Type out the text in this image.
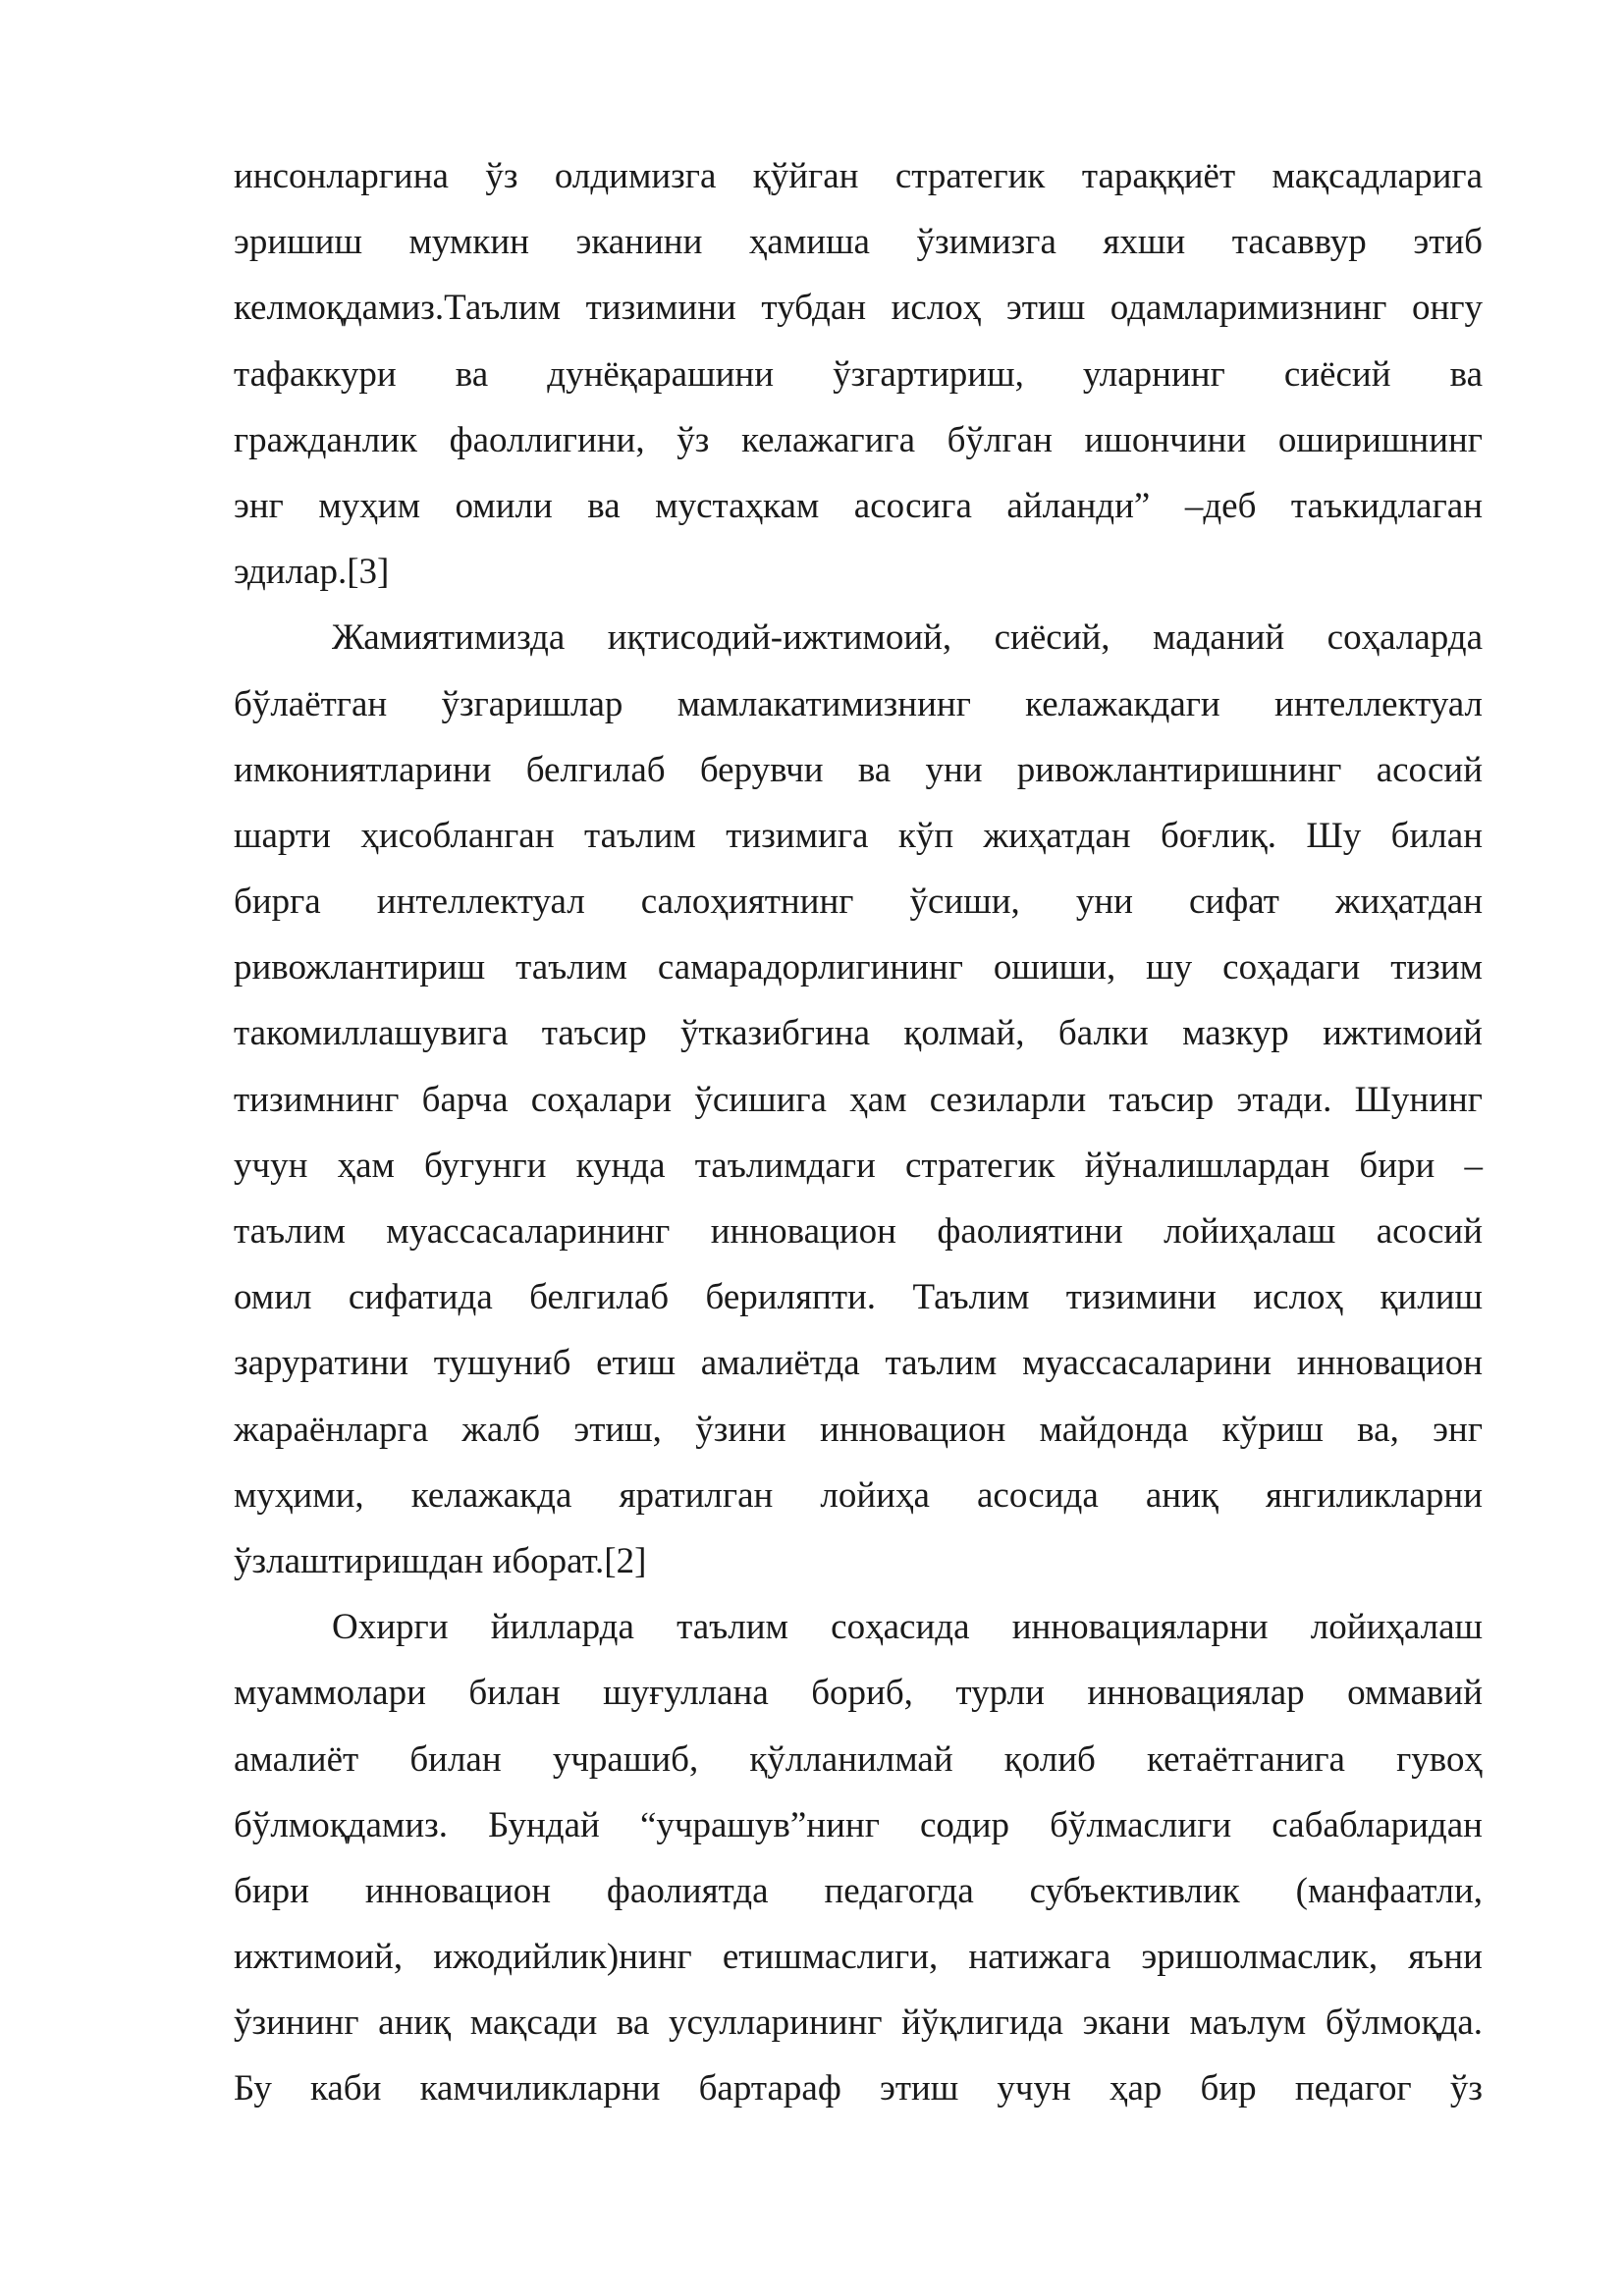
инсонларгина ўз олдимизга қўйган стратегик тараққиёт мақсадларига
эришиш мумкин эканини ҳамиша ўзимизга яхши тасаввур этиб
келмоқдамиз.Таълим тизимини тубдан ислоҳ этиш одамларимизнинг онгу
тафаккури ва дунёқарашини ўзгартириш, уларнинг сиёсий ва
гражданлик фаоллигини, ўз келажагига бўлган ишончини оширишнинг
энг муҳим омили ва мустаҳкам асосига айланди” –деб таъкидлаган
эдилар.[3]
Жамиятимизда иқтисодий-ижтимоий, сиёсий, маданий соҳаларда
бўлаётган ўзгаришлар мамлакатимизнинг келажакдаги интеллектуал
имкониятларини белгилаб берувчи ва уни ривожлантиришнинг асосий
шарти ҳисобланган таълим тизимига кўп жиҳатдан боғлиқ. Шу билан
бирга интеллектуал салоҳиятнинг ўсиши, уни сифат жиҳатдан
ривожлантириш таълим самарадорлигининг ошиши, шу соҳадаги тизим
такомиллашувига таъсир ўтказибгина қолмай, балки мазкур ижтимоий
тизимнинг барча соҳалари ўсишига ҳам сезиларли таъсир этади. Шунинг
учун ҳам бугунги кунда таълимдаги стратегик йўналишлардан бири –
таълим муассасаларининг инновацион фаолиятини лойиҳалаш асосий
омил сифатида белгилаб бериляпти. Таълим тизимини ислоҳ қилиш
зарурaтини тушуниб етиш амалиётда таълим муассасаларини инновацион
жараёнларга жалб этиш, ўзини инновацион майдонда кўриш ва, энг
муҳими, келажакда яратилган лойиҳа асосида аниқ янгиликларни
ўзлаштиришдан иборат.[2]
Охирги йилларда таълим соҳасида инновацияларни лойиҳалаш
муаммолари билан шуғуллана бориб, турли инновациялар оммавий
амалиёт билан учрашиб, қўлланилмай қолиб кетаётганига гувоҳ
бўлмоқдамиз. Бундай “учрашув”нинг содир бўлмаслиги сабабларидан
бири инновацион фаолиятда педагогда субъективлик (манфаатли,
ижтимоий, ижодийлик)нинг етишмаслиги, натижага эришолмаслик, яъни
ўзининг аниқ мақсади ва усулларининг йўқлигида экани маълум бўлмоқда.
Бу каби камчиликларни бартараф этиш учун ҳар бир педагог ўз
